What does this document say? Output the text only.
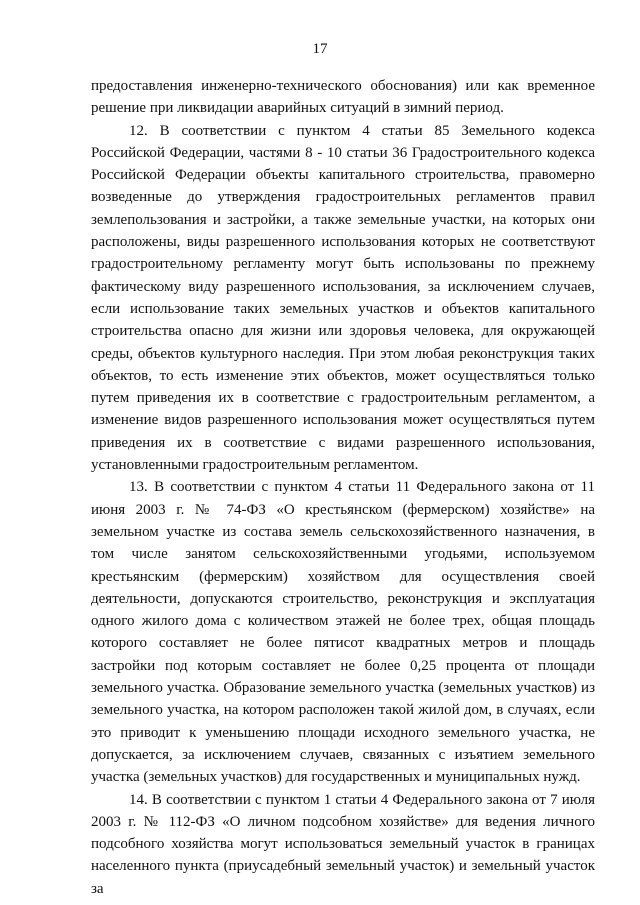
17

предоставления инженерно-технического обоснования) или как временное решение при ликвидации аварийных ситуаций в зимний период.

12. В соответствии с пунктом 4 статьи 85 Земельного кодекса Российской Федерации, частями 8 - 10 статьи 36 Градостроительного кодекса Российской Федерации объекты капитального строительства, правомерно возведенные до утверждения градостроительных регламентов правил землепользования и застройки, а также земельные участки, на которых они расположены, виды разрешенного использования которых не соответствуют градостроительному регламенту могут быть использованы по прежнему фактическому виду разрешенного использования, за исключением случаев, если использование таких земельных участков и объектов капитального строительства опасно для жизни или здоровья человека, для окружающей среды, объектов культурного наследия. При этом любая реконструкция таких объектов, то есть изменение этих объектов, может осуществляться только путем приведения их в соответствие с градостроительным регламентом, а изменение видов разрешенного использования может осуществляться путем приведения их в соответствие с видами разрешенного использования, установленными градостроительным регламентом.

13. В соответствии с пунктом 4 статьи 11 Федерального закона от 11 июня 2003 г. № 74-ФЗ «О крестьянском (фермерском) хозяйстве» на земельном участке из состава земель сельскохозяйственного назначения, в том числе занятом сельскохозяйственными угодьями, используемом крестьянским (фермерским) хозяйством для осуществления своей деятельности, допускаются строительство, реконструкция и эксплуатация одного жилого дома с количеством этажей не более трех, общая площадь которого составляет не более пятисот квадратных метров и площадь застройки под которым составляет не более 0,25 процента от площади земельного участка. Образование земельного участка (земельных участков) из земельного участка, на котором расположен такой жилой дом, в случаях, если это приводит к уменьшению площади исходного земельного участка, не допускается, за исключением случаев, связанных с изъятием земельного участка (земельных участков) для государственных и муниципальных нужд.

14. В соответствии с пунктом 1 статьи 4 Федерального закона от 7 июля 2003 г. № 112-ФЗ «О личном подсобном хозяйстве» для ведения личного подсобного хозяйства могут использоваться земельный участок в границах населенного пункта (приусадебный земельный участок) и земельный участок за
